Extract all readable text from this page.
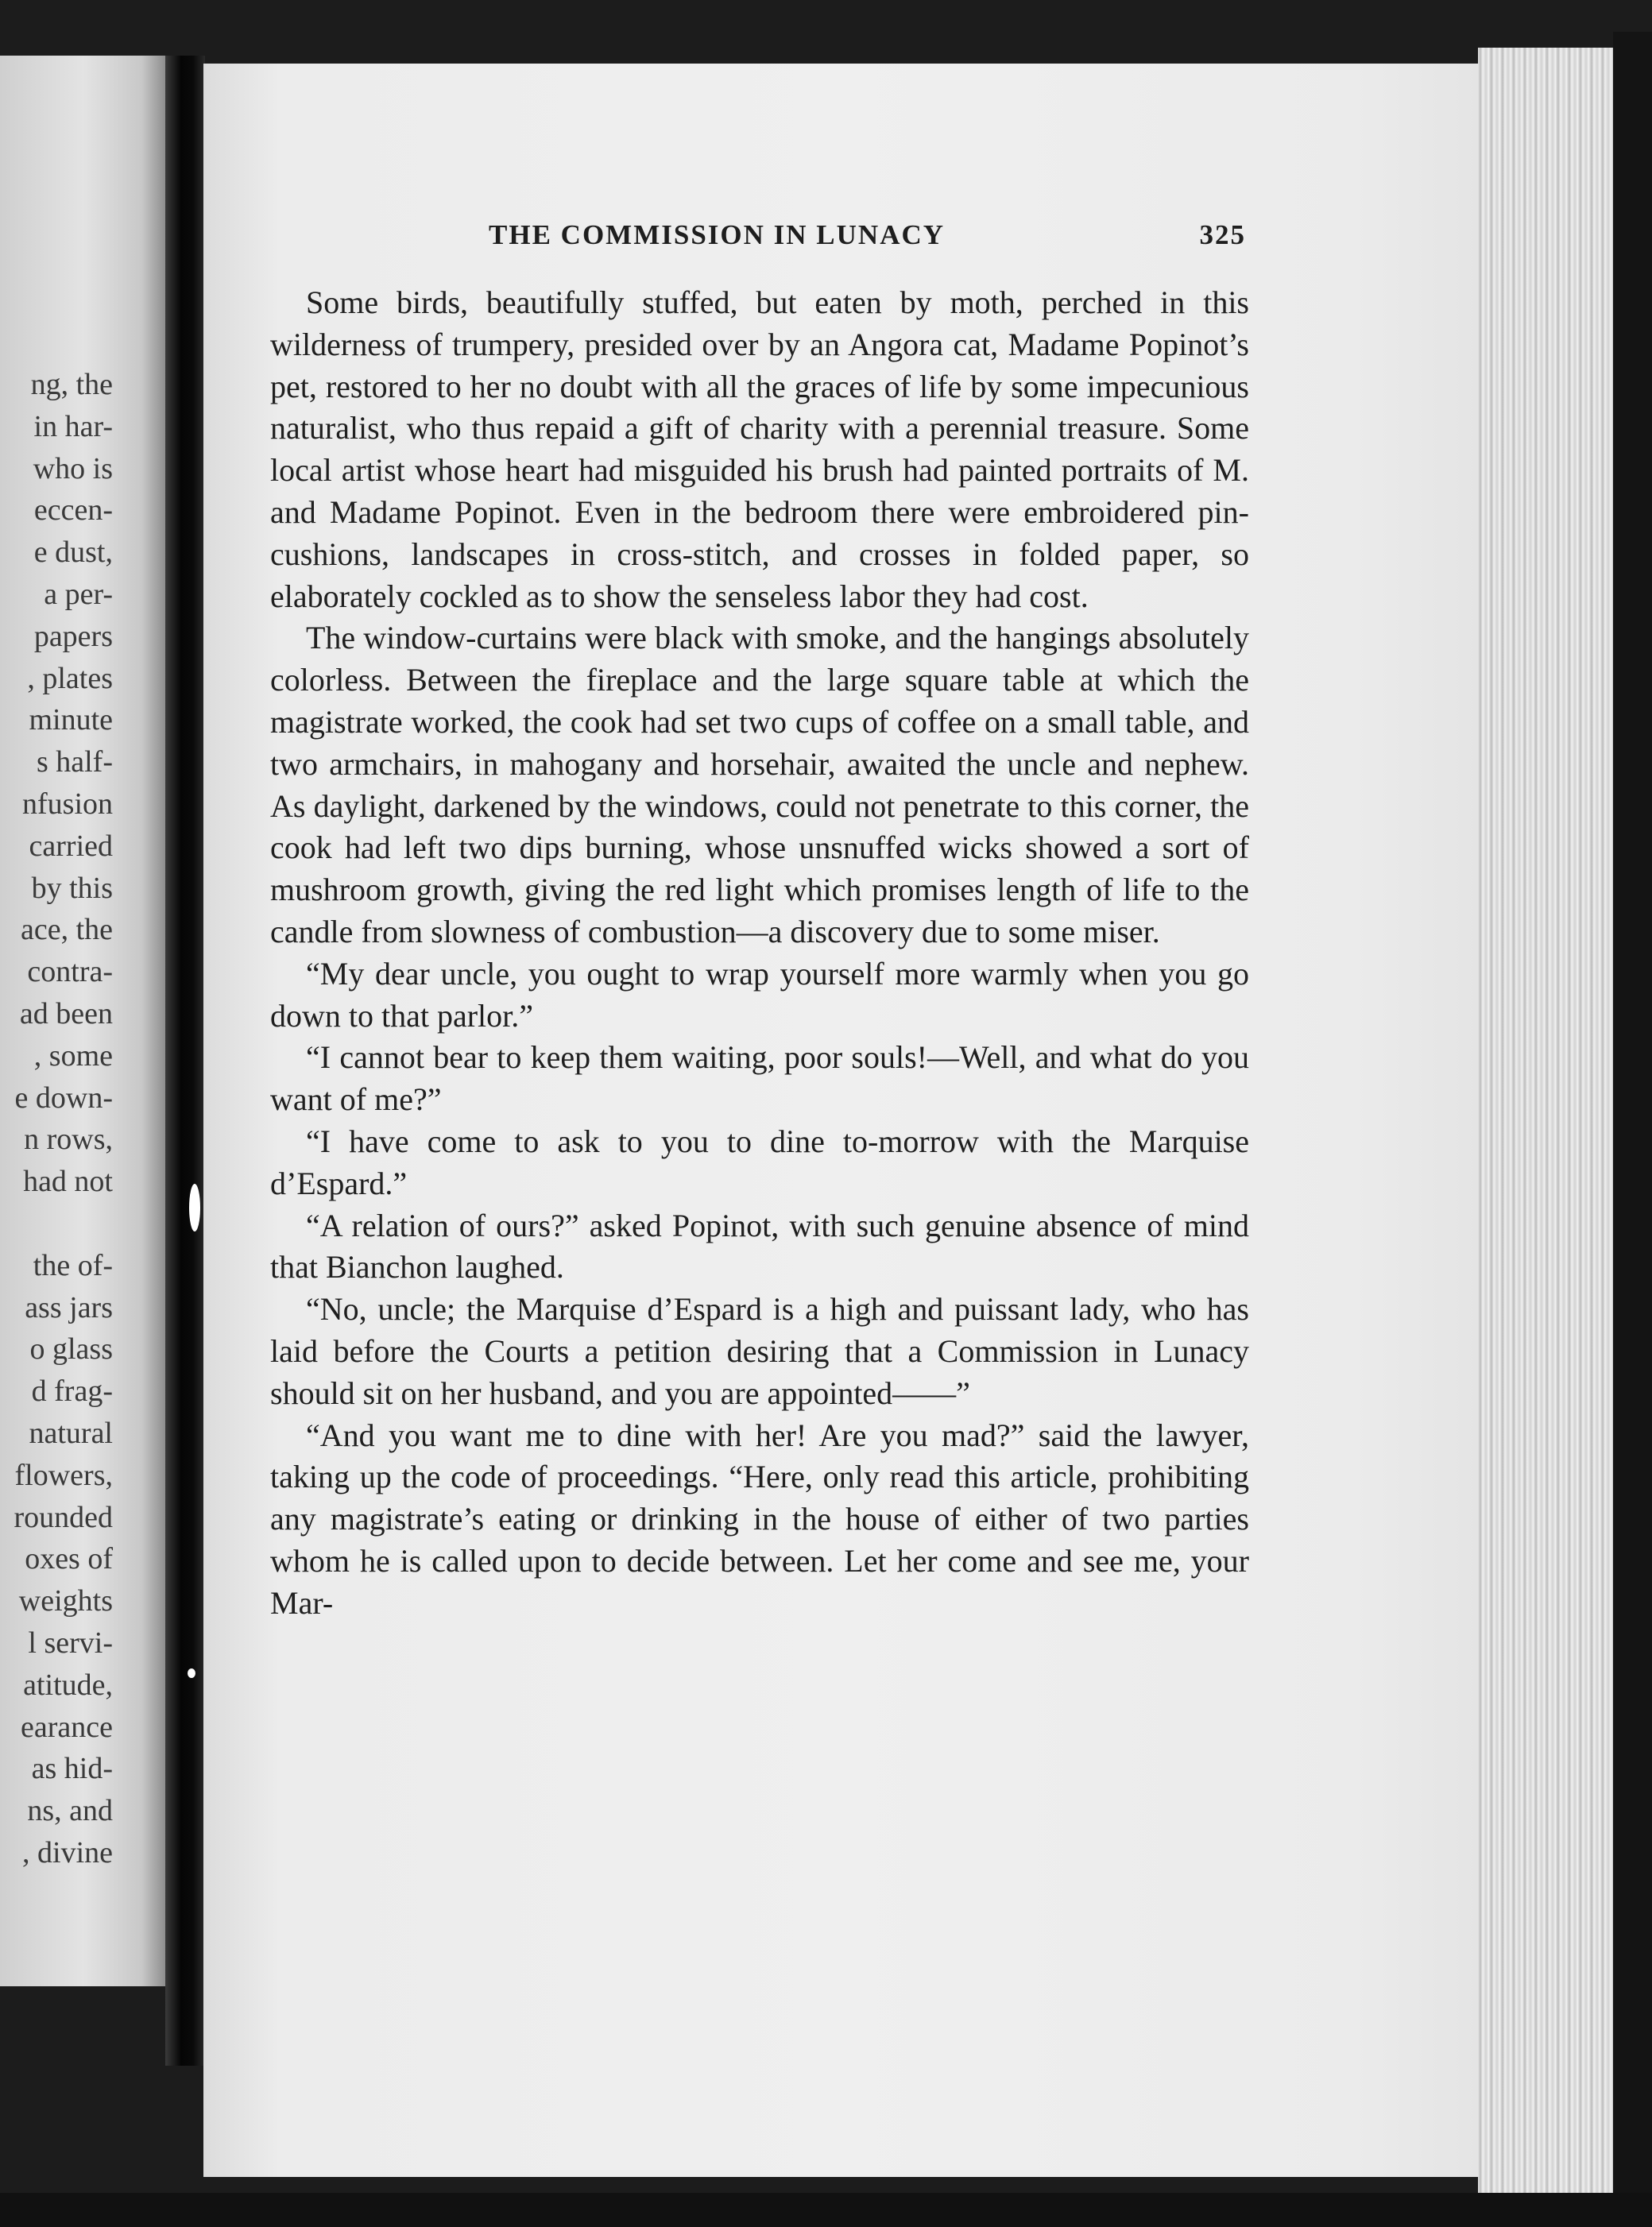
ng, the
in har-
who is
eccen-
e dust,
a per-
papers
, plates
minute
s half-
nfusion
carried
by this
ace, the
contra-
ad been
, some
e down-
n rows,
had not

the of-
ass jars
o glass
d frag-
natural
flowers,
rounded
oxes of
weights
l servi-
atitude,
earance
as hid-
ns, and
, divine
THE COMMISSION IN LUNACY	325

Some birds, beautifully stuffed, but eaten by moth, perched in this wilderness of trumpery, presided over by an Angora cat, Madame Popinot’s pet, restored to her no doubt with all the graces of life by some impecunious naturalist, who thus repaid a gift of charity with a perennial treasure. Some local artist whose heart had misguided his brush had painted portraits of M. and Madame Popinot. Even in the bedroom there were embroidered pin-cushions, landscapes in cross-stitch, and crosses in folded paper, so elaborately cockled as to show the senseless labor they had cost.

The window-curtains were black with smoke, and the hangings absolutely colorless. Between the fireplace and the large square table at which the magistrate worked, the cook had set two cups of coffee on a small table, and two armchairs, in mahogany and horsehair, awaited the uncle and nephew. As daylight, darkened by the windows, could not penetrate to this corner, the cook had left two dips burning, whose unsnuffed wicks showed a sort of mushroom growth, giving the red light which promises length of life to the candle from slowness of combustion—a discovery due to some miser.

“My dear uncle, you ought to wrap yourself more warmly when you go down to that parlor.”

“I cannot bear to keep them waiting, poor souls!—Well, and what do you want of me?”

“I have come to ask to you to dine to-morrow with the Marquise d’Espard.”

“A relation of ours?” asked Popinot, with such genuine absence of mind that Bianchon laughed.

“No, uncle; the Marquise d’Espard is a high and puissant lady, who has laid before the Courts a petition desiring that a Commission in Lunacy should sit on her husband, and you are appointed——”

“And you want me to dine with her! Are you mad?” said the lawyer, taking up the code of proceedings. “Here, only read this article, prohibiting any magistrate’s eating or drinking in the house of either of two parties whom he is called upon to decide between. Let her come and see me, your Mar-
